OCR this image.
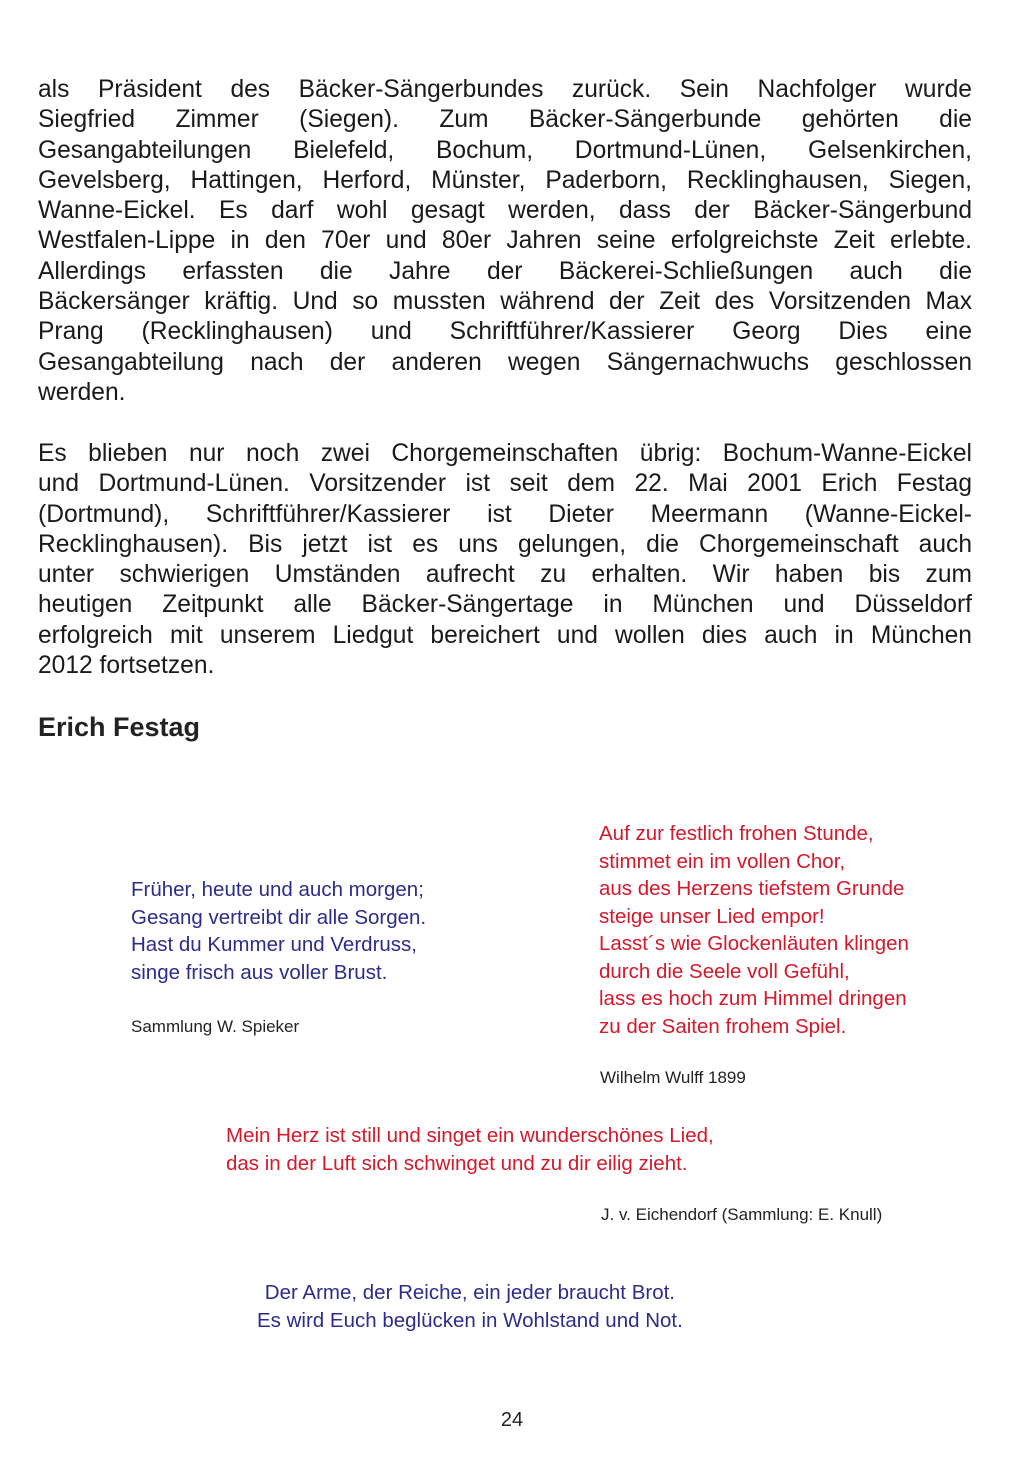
als Präsident des Bäcker-Sängerbundes zurück. Sein Nachfolger wurde
Siegfried Zimmer (Siegen). Zum Bäcker-Sängerbunde gehörten die
Gesangabteilungen Bielefeld, Bochum, Dortmund-Lünen, Gelsenkirchen,
Gevelsberg, Hattingen, Herford, Münster, Paderborn, Recklinghausen, Siegen,
Wanne-Eickel. Es darf wohl gesagt werden, dass der Bäcker-Sängerbund
Westfalen-Lippe in den 70er und 80er Jahren seine erfolgreichste Zeit erlebte.
Allerdings erfassten die Jahre der Bäckerei-Schließungen auch die
Bäckersänger kräftig. Und so mussten während der Zeit des Vorsitzenden Max
Prang (Recklinghausen) und Schriftführer/Kassierer Georg Dies eine
Gesangabteilung nach der anderen wegen Sängernachwuchs geschlossen
werden.
Es blieben nur noch zwei Chorgemeinschaften übrig: Bochum-Wanne-Eickel
und Dortmund-Lünen. Vorsitzender ist seit dem 22. Mai 2001 Erich Festag
(Dortmund), Schriftführer/Kassierer ist Dieter Meermann (Wanne-Eickel-
Recklinghausen). Bis jetzt ist es uns gelungen, die Chorgemeinschaft auch
unter schwierigen Umständen aufrecht zu erhalten. Wir haben bis zum
heutigen Zeitpunkt alle Bäcker-Sängertage in München und Düsseldorf
erfolgreich mit unserem Liedgut bereichert und wollen dies auch in München
2012 fortsetzen.
Erich Festag
Früher, heute und auch morgen;
Gesang vertreibt dir alle Sorgen.
Hast du Kummer und Verdruss,
singe frisch aus voller Brust.

Sammlung W. Spieker

Auf zur festlich frohen Stunde,
stimmet ein im vollen Chor,
aus des Herzens tiefstem Grunde
steige unser Lied empor!
Lasst´s wie Glockenläuten klingen
durch die Seele voll Gefühl,
lass es hoch zum Himmel dringen
zu der Saiten frohem Spiel.

Wilhelm Wulff 1899

Mein Herz ist still und singet ein wunderschönes Lied,
das in der Luft sich schwinget und zu dir eilig zieht.

J. v. Eichendorf (Sammlung: E. Knull)

Der Arme, der Reiche, ein jeder braucht Brot.
Es wird Euch beglücken in Wohlstand und Not.

24
